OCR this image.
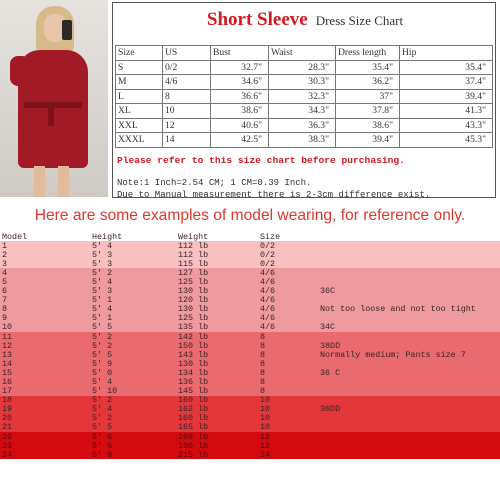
Short Sleeve Dress Size Chart
Size	US	Bust	Waist	Dress length	Hip
S	0/2	32.7"	28.3"	35.4"	35.4"
M	4/6	34.6"	30.3"	36.2"	37.4"
L	8	36.6"	32.3"	37"	39.4"
XL	10	38.6"	34.3"	37.8"	41.3"
XXL	12	40.6"	36.3"	38.6"	43.3"
XXXL	14	42.5"	38.3"	39.4"	45.3"
Please refer to this size chart before purchasing.
Note:1 Inch=2.54 CM; 1 CM=0.39 Inch.
Due to Manual measurement there is 2-3cm difference exist.
Here are some examples of model wearing, for reference only.
Model	Height	Weight	Size
1	5' 4	112 lb	0/2
2	5' 3	112 lb	0/2
3	5' 3	115 lb	0/2
4	5' 2	127 lb	4/6
5	5' 4	125 lb	4/6
6	5' 3	130 lb	4/6	36C
7	5' 1	120 lb	4/6
8	5' 4	130 lb	4/6	Not too loose and not too tight
9	5' 1	125 lb	4/6
10	5' 5	135 lb	4/6	34C
11	5' 2	142 lb	8
12	5' 2	150 lb	8	38DD
13	5' 5	143 lb	8	Normally medium; Pants size 7
14	5' 9	130 lb	8
15	5' 0	134 lb	8	36 C
16	5' 4	136 lb	8
17	5' 10	145 lb	8
18	5' 2	160 lb	10
19	5' 4	162 lb	10	36DD
20	5' 2	160 lb	10
21	5' 5	165 lb	10
22	5' 6	190 lb	12
23	5' 6	190 lb	12
24	5' 9	215 lb	14
